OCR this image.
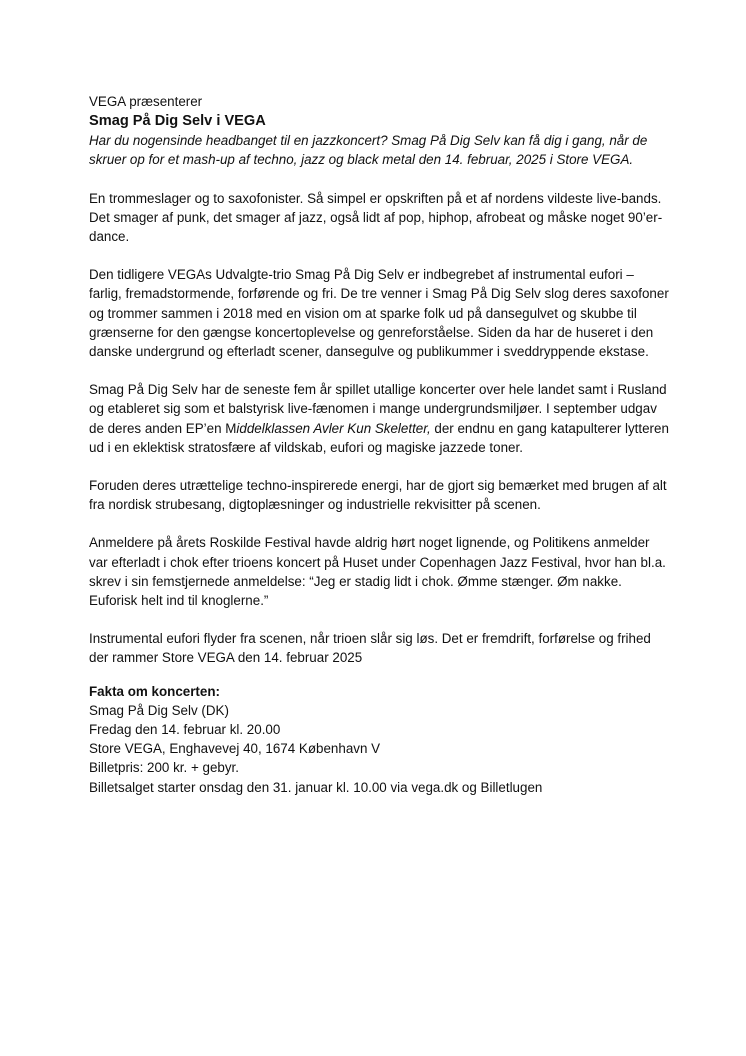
VEGA præsenterer

Smag På Dig Selv i VEGA

Har du nogensinde headbanget til en jazzkoncert? Smag På Dig Selv kan få dig i gang, når de skruer op for et mash-up af techno, jazz og black metal den 14. februar, 2025 i Store VEGA.

En trommeslager og to saxofonister. Så simpel er opskriften på et af nordens vildeste live-bands. Det smager af punk, det smager af jazz, også lidt af pop, hiphop, afrobeat og måske noget 90’er-dance.

Den tidligere VEGAs Udvalgte-trio Smag På Dig Selv er indbegrebet af instrumental eufori – farlig, fremadstormende, forførende og fri. De tre venner i Smag På Dig Selv slog deres saxofoner og trommer sammen i 2018 med en vision om at sparke folk ud på dansegulvet og skubbe til grænserne for den gængse koncertoplevelse og genreforståelse. Siden da har de huseret i den danske undergrund og efterladt scener, dansegulve og publikummer i sveddryppende ekstase.

Smag På Dig Selv har de seneste fem år spillet utallige koncerter over hele landet samt i Rusland og etableret sig som et balstyrisk live-fænomen i mange undergrundsmiljøer. I september udgav de deres anden EP’en Middelklassen Avler Kun Skeletter, der endnu en gang katapulterer lytteren ud i en eklektisk stratosfære af vildskab, eufori og magiske jazzede toner.

Foruden deres utrættelige techno-inspirerede energi, har de gjort sig bemærket med brugen af alt fra nordisk strubesang, digtoplæsninger og industrielle rekvisitter på scenen.

Anmeldere på årets Roskilde Festival havde aldrig hørt noget lignende, og Politikens anmelder var efterladt i chok efter trioens koncert på Huset under Copenhagen Jazz Festival, hvor han bl.a. skrev i sin femstjernede anmeldelse: “Jeg er stadig lidt i chok. Ømme stænger. Øm nakke. Euforisk helt ind til knoglerne.”

Instrumental eufori flyder fra scenen, når trioen slår sig løs. Det er fremdrift, forførelse og frihed der rammer Store VEGA den 14. februar 2025

Fakta om koncerten:

Smag På Dig Selv (DK)

Fredag den 14. februar kl. 20.00

Store VEGA, Enghavevej 40, 1674 København V

Billetpris: 200 kr. + gebyr.

Billetsalget starter onsdag den 31. januar kl. 10.00 via vega.dk og Billetlugen
